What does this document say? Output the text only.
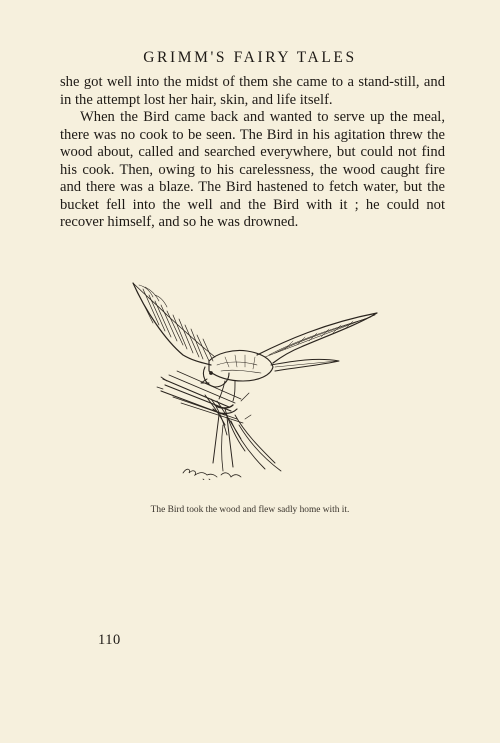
GRIMM'S FAIRY TALES

she got well into the midst of them she came to a stand-still, and in the attempt lost her hair, skin, and life itself.

When the Bird came back and wanted to serve up the meal, there was no cook to be seen. The Bird in his agitation threw the wood about, called and searched everywhere, but could not find his cook. Then, owing to his carelessness, the wood caught fire and there was a blaze. The Bird hastened to fetch water, but the bucket fell into the well and the Bird with it ; he could not recover himself, and so he was drowned.

The Bird took the wood and flew sadly home with it.
110
